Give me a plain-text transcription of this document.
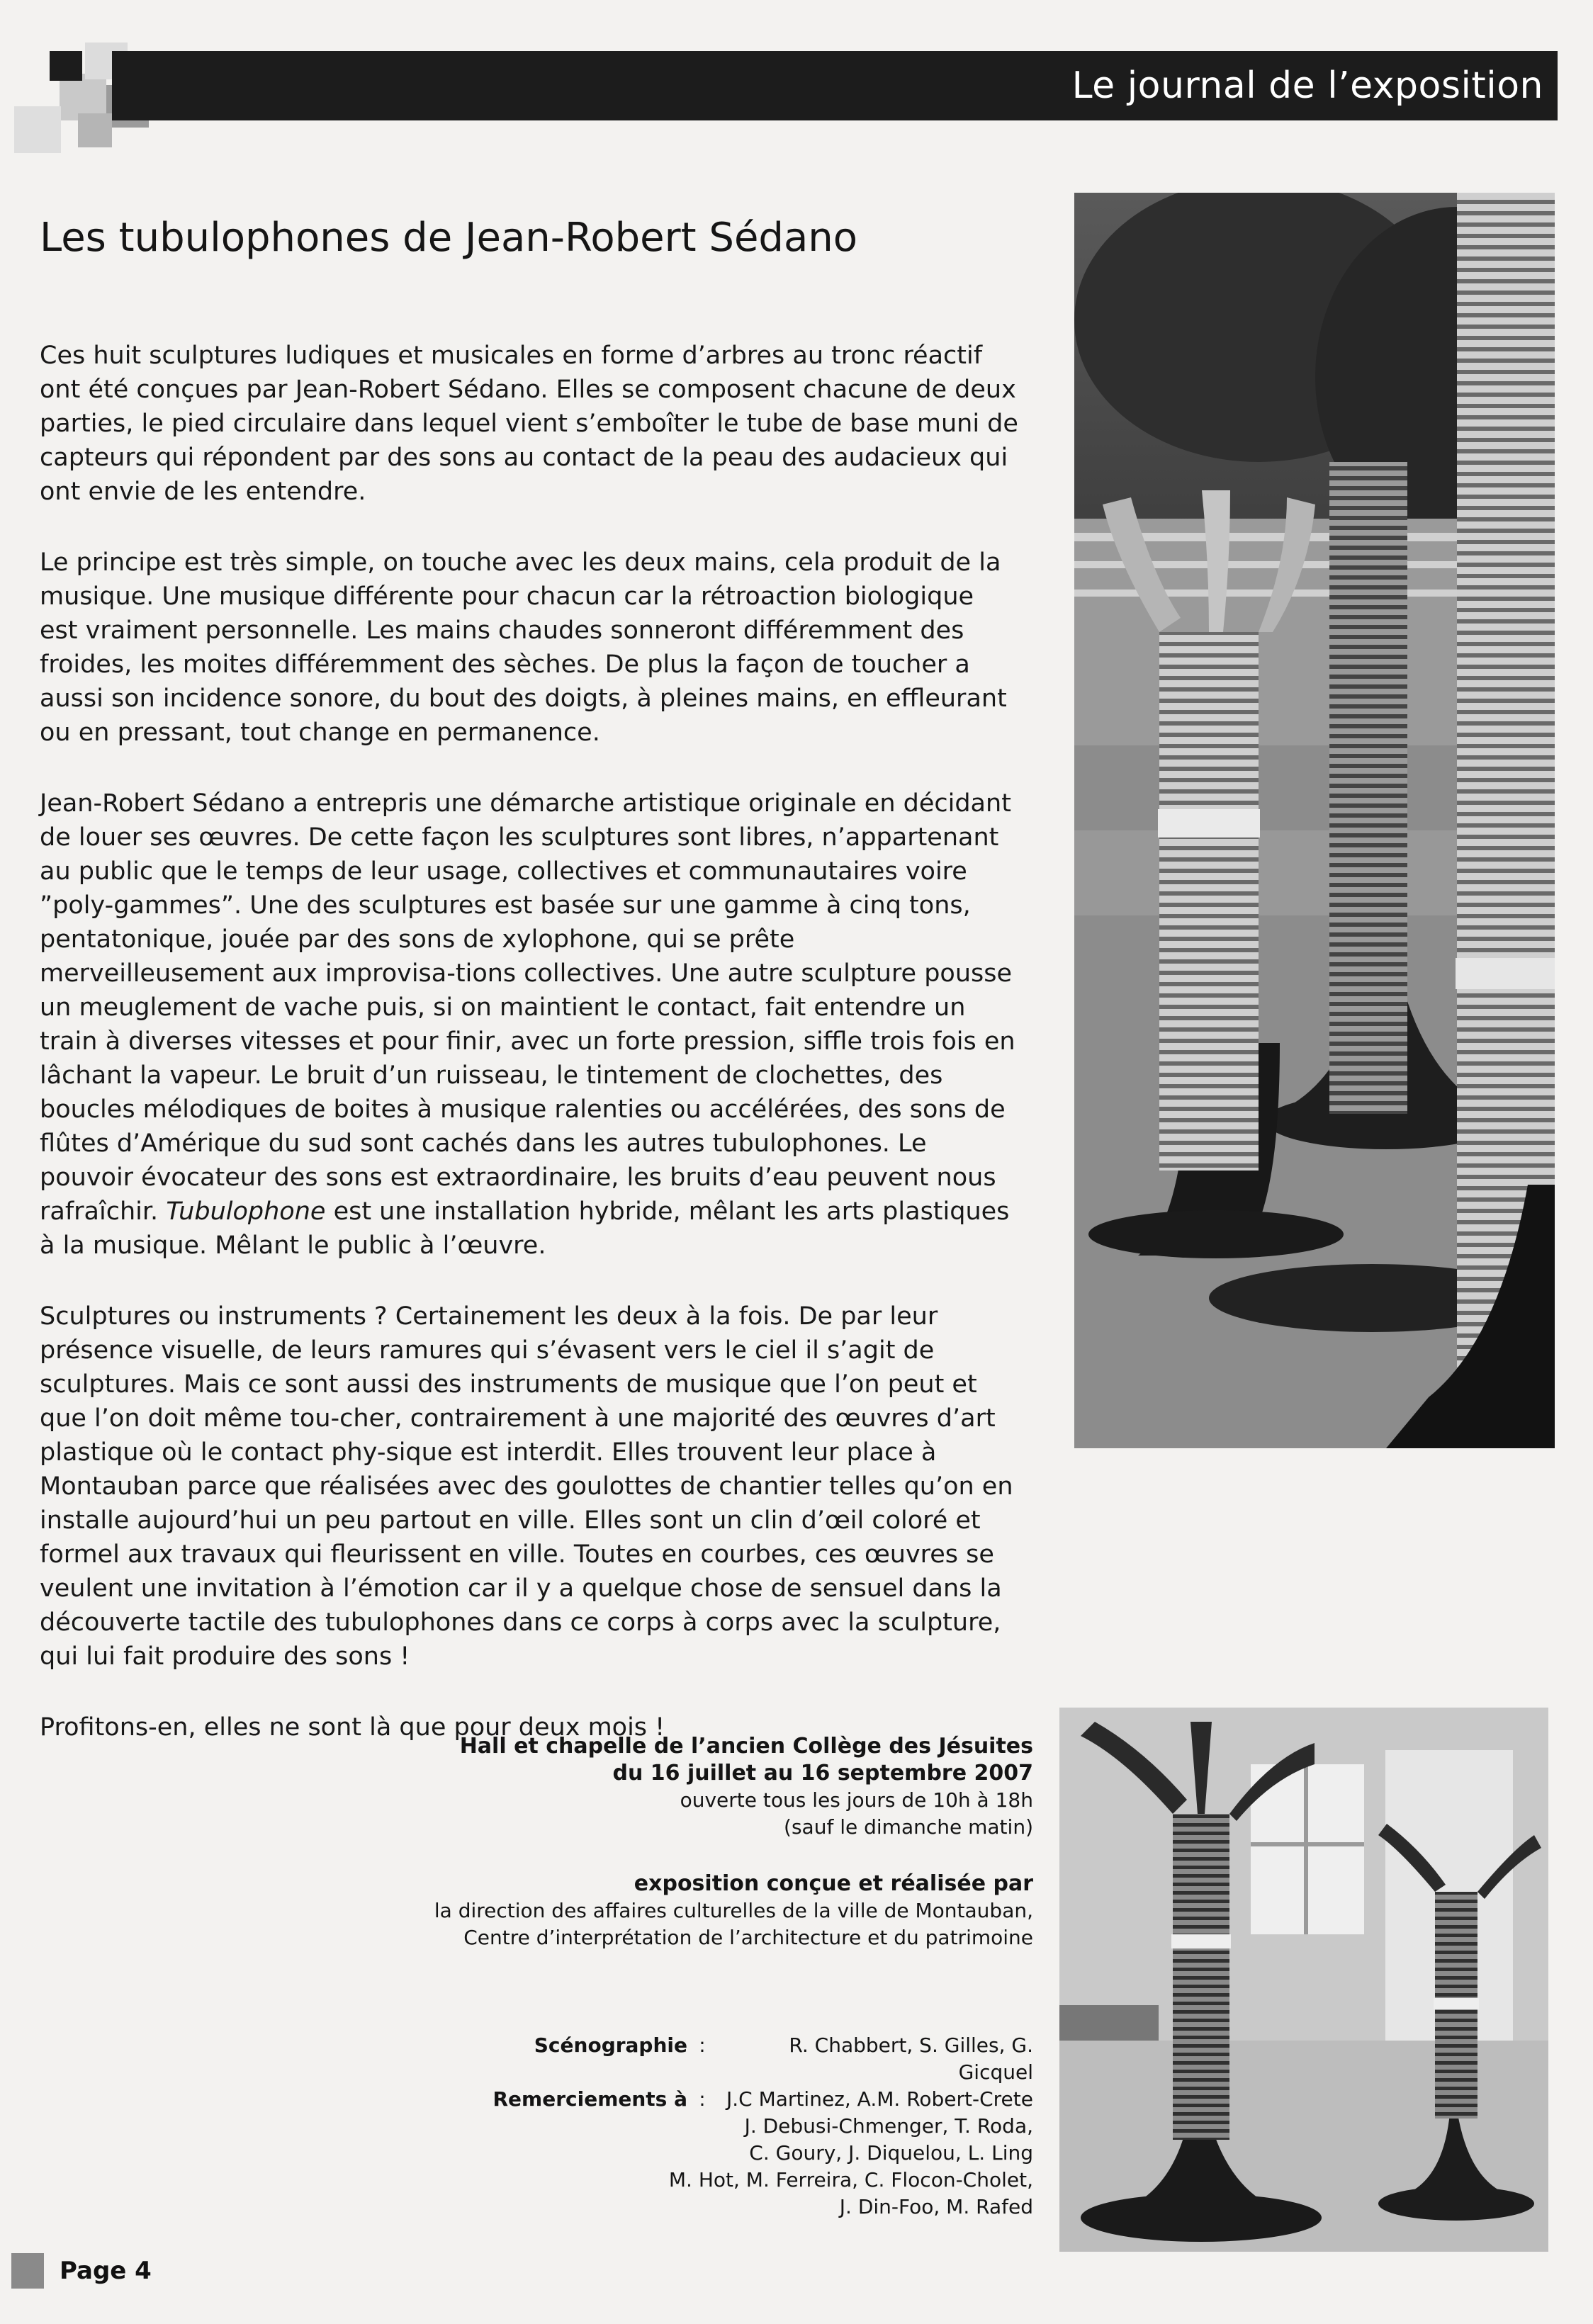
Le journal de l’exposition
Les tubulophones de Jean-Robert Sédano

Ces huit sculptures ludiques et musicales en forme d’arbres au tronc réactif ont été conçues par Jean-Robert Sédano. Elles se composent chacune de deux parties, le pied circulaire dans lequel vient s’emboîter le tube de base muni de capteurs qui répondent par des sons au contact de la peau des audacieux qui ont envie de les entendre.

Le principe est très simple, on touche avec les deux mains, cela produit de la musique. Une musique différente pour chacun car la rétroaction biologique est vraiment personnelle. Les mains chaudes sonneront différemment des froides, les moites différemment des sèches. De plus la façon de toucher a aussi son incidence sonore, du bout des doigts, à pleines mains, en effleurant ou en pressant, tout change en permanence.

Jean-Robert Sédano a entrepris une démarche artistique originale en décidant de louer ses œuvres. De cette façon les sculptures sont libres, n’appartenant au public que le temps de leur usage, collectives et communautaires voire ”poly-gammes”. Une des sculptures est basée sur une gamme à cinq tons, pentatonique, jouée par des sons de xylophone, qui se prête merveilleusement aux improvisa-tions collectives. Une autre sculpture pousse un meuglement de vache puis, si on maintient le contact, fait entendre un train à diverses vitesses et pour finir, avec un forte pression, siffle trois fois en lâchant la vapeur. Le bruit d’un ruisseau, le tintement de clochettes, des boucles mélodiques de boites à musique ralenties ou accélérées, des sons de flûtes d’Amérique du sud sont cachés dans les autres tubulophones. Le pouvoir évocateur des sons est extraordinaire, les bruits d’eau peuvent nous rafraîchir. Tubulophone est une installation hybride, mêlant les arts plastiques à la musique. Mêlant le public à l’œuvre.

Sculptures ou instruments ? Certainement les deux à la fois. De par leur présence visuelle, de leurs ramures qui s’évasent vers le ciel il s’agit de sculptures. Mais ce sont aussi des instruments de musique que l’on peut et que l’on doit même tou-cher, contrairement à une majorité des œuvres d’art plastique où le contact phy-sique est interdit. Elles trouvent leur place à Montauban parce que réalisées avec des goulottes de chantier telles qu’on en installe aujourd’hui un peu partout en ville. Elles sont un clin d’œil coloré et formel aux travaux qui fleurissent en ville. Toutes en courbes, ces œuvres se veulent une invitation à l’émotion car il y a quelque chose de sensuel dans la découverte tactile des tubulophones dans ce corps à corps avec la sculpture, qui lui fait produire des sons !

Profitons-en, elles ne sont là que pour deux mois !

Hall et chapelle de l’ancien Collège des Jésuites
du 16 juillet au 16 septembre 2007
ouverte tous les jours de 10h à 18h
(sauf le dimanche matin)
exposition conçue et réalisée par
la direction des affaires culturelles de la ville de Montauban,
Centre d’interprétation de l’architecture et du patrimoine
Scénographie :	R. Chabbert, S. Gilles, G. Gicquel
Remerciements à :	J.C Martinez, A.M. Robert-Crete
J. Debusi-Chmenger, T. Roda,
C. Goury, J. Diquelou, L. Ling
M. Hot, M. Ferreira, C. Flocon-Cholet,
J. Din-Foo, M. Rafed
Page 4
